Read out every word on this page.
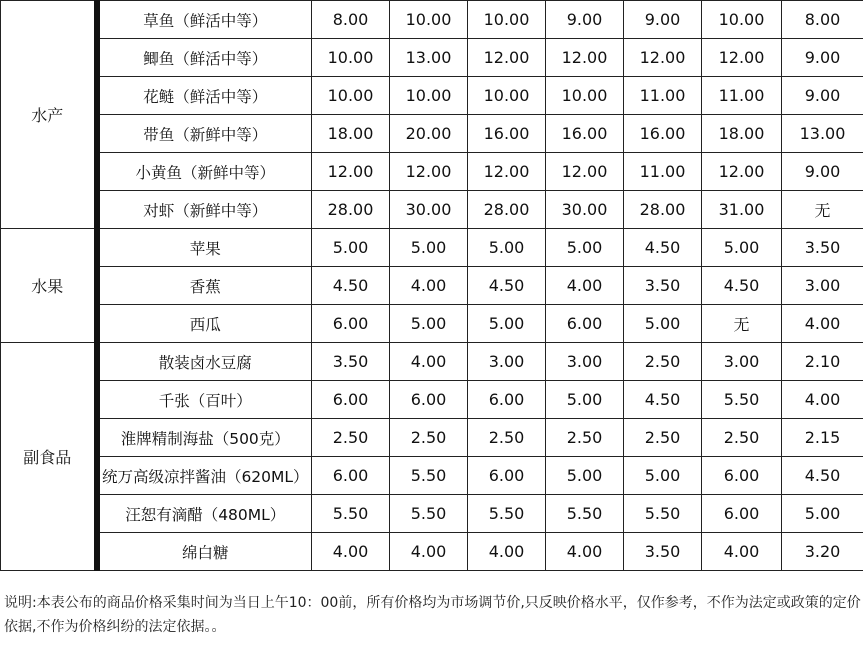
水产	草鱼（鲜活中等）	8.00	10.00	10.00	9.00	9.00	10.00	8.00
	鲫鱼（鲜活中等）	10.00	13.00	12.00	12.00	12.00	12.00	9.00
	花鲢（鲜活中等）	10.00	10.00	10.00	10.00	11.00	11.00	9.00
	带鱼（新鲜中等）	18.00	20.00	16.00	16.00	16.00	18.00	13.00
	小黄鱼（新鲜中等）	12.00	12.00	12.00	12.00	11.00	12.00	9.00
	对虾（新鲜中等）	28.00	30.00	28.00	30.00	28.00	31.00	无
水果	苹果	5.00	5.00	5.00	5.00	4.50	5.00	3.50
	香蕉	4.50	4.00	4.50	4.00	3.50	4.50	3.00
	西瓜	6.00	5.00	5.00	6.00	5.00	无	4.00
副食品	散装卤水豆腐	3.50	4.00	3.00	3.00	2.50	3.00	2.10
	千张（百叶）	6.00	6.00	6.00	5.00	4.50	5.50	4.00
	淮牌精制海盐（500克）	2.50	2.50	2.50	2.50	2.50	2.50	2.15
	统万高级凉拌酱油（620ML）	6.00	5.50	6.00	5.00	5.00	6.00	4.50
	汪恕有滴醋（480ML）	5.50	5.50	5.50	5.50	5.50	6.00	5.00
	绵白糖	4.00	4.00	4.00	4.00	3.50	4.00	3.20
说明:本表公布的商品价格采集时间为当日上午10：00前，所有价格均为市场调节价,只反映价格水平，仅作参考，不作为法定或政策的定价依据,不作为价格纠纷的法定依据。。
